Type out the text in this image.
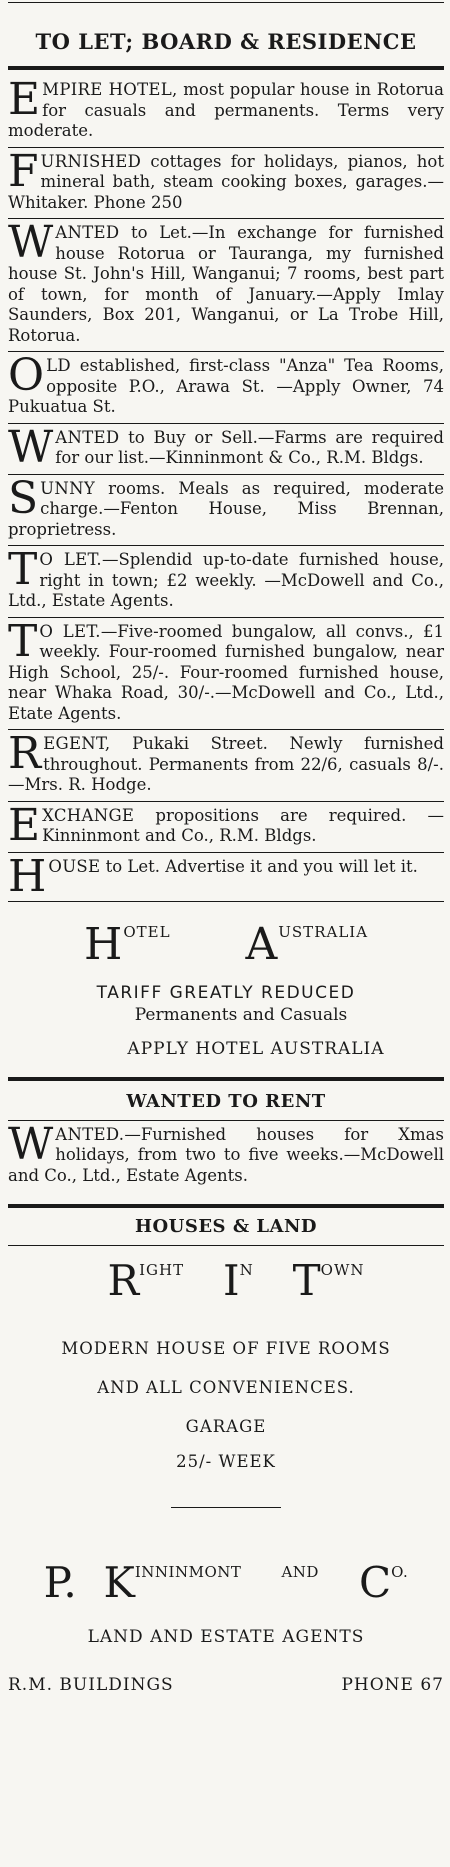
TO LET; BOARD & RESIDENCE
EMPIRE HOTEL, most popular house in Rotorua for casuals and permanents. Terms very moderate.
FURNISHED cottages for holidays, pianos, hot mineral bath, steam cooking boxes, garages.—Whitaker. Phone 250
WANTED to Let.—In exchange for furnished house Rotorua or Tauranga, my furnished house St. John's Hill, Wanganui; 7 rooms, best part of town, for month of January.—Apply Imlay Saunders, Box 201, Wanganui, or La Trobe Hill, Rotorua.
OLD established, first-class "Anza" Tea Rooms, opposite P.O., Arawa St. —Apply Owner, 74 Pukuatua St.
WANTED to Buy or Sell.—Farms are required for our list.—Kinninmont & Co., R.M. Bldgs.
SUNNY rooms. Meals as required, moderate charge.—Fenton House, Miss Brennan, proprietress.
T O LET.—Splendid up-to-date furnished house, right in town; £2 weekly. —McDowell and Co., Ltd., Estate Agents.
T O LET.—Five-roomed bungalow, all convs., £1 weekly. Four-roomed furnished bungalow, near High School, 25/-. Four-roomed furnished house, near Whaka Road, 30/-.—McDowell and Co., Ltd., Etate Agents.
REGENT, Pukaki Street. Newly furnished throughout. Permanents from 22/6, casuals 8/-.—Mrs. R. Hodge.
EXCHANGE propositions are required. —Kinninmont and Co., R.M. Bldgs.
HOUSE to Let. Advertise it and you will let it.
$H^{OTEL}$ $A^{USTRALIA}$
TARIFF GREATLY REDUCED
Permanents and Casuals
APPLY HOTEL AUSTRALIA
WANTED TO RENT
WANTED.—Furnished houses for Xmas holidays, from two to five weeks.—McDowell and Co., Ltd., Estate Agents.
HOUSES & LAND
$R^{IGHT}$ $I^N$ $T^{OWN}$
MODERN HOUSE OF FIVE ROOMS
AND ALL CONVENIENCES.
GARAGE
25/- WEEK
P. $K^{INNINMONT}$	$^{AND}$ $C^{O.}$
LAND AND ESTATE AGENTS
R.M. BUILDINGS	PHONE 67
